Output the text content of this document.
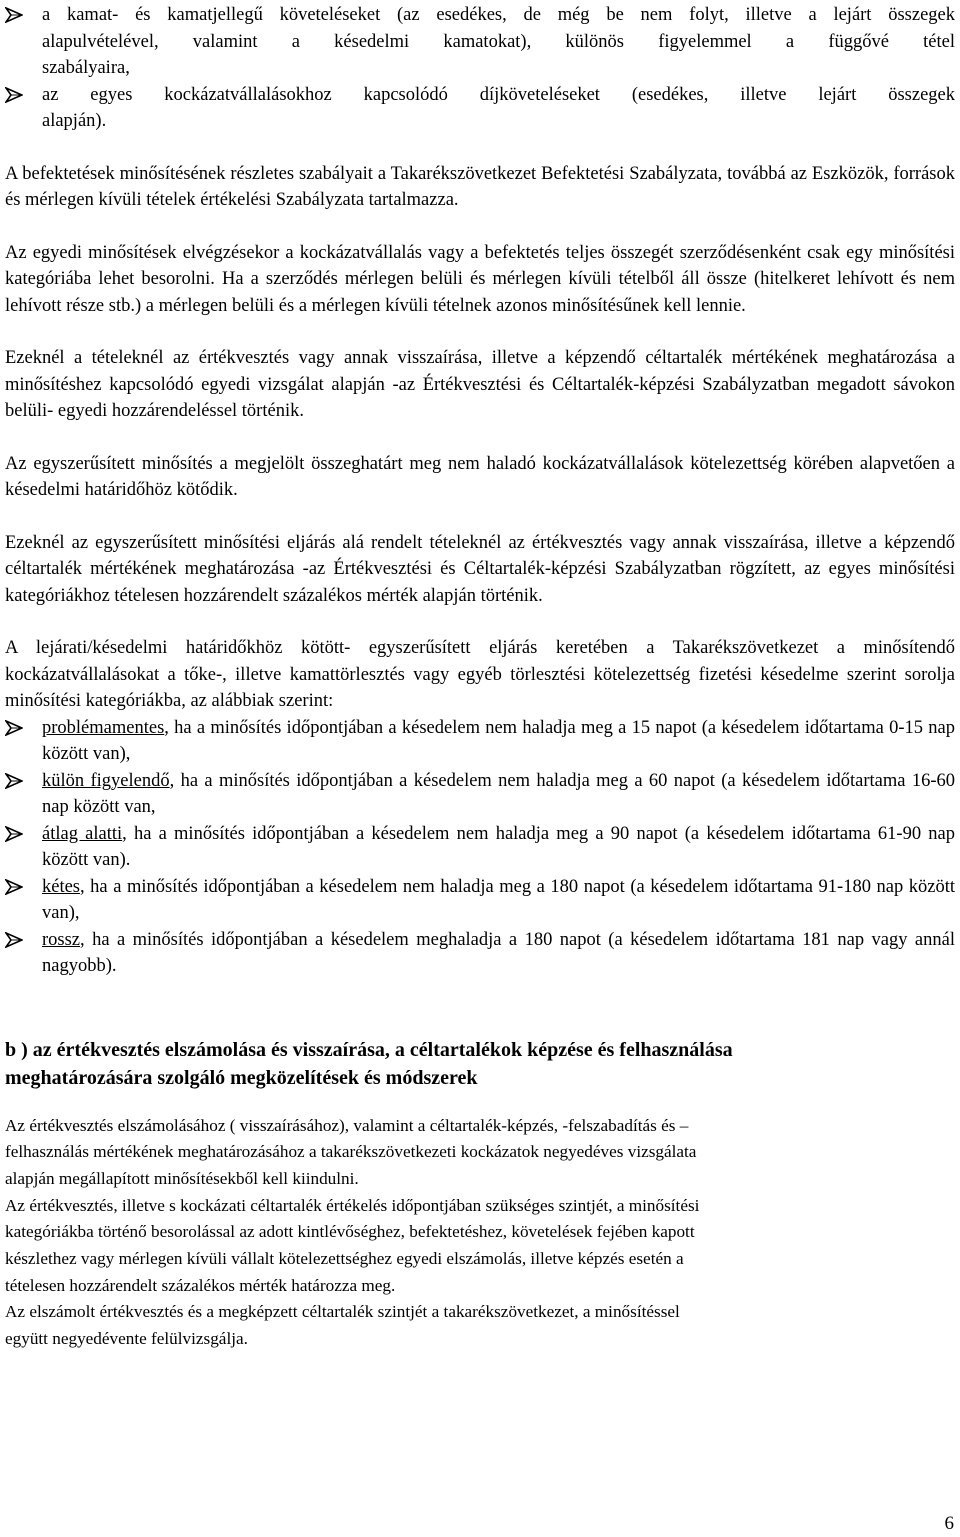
a kamat- és kamatjellegű követeléseket (az esedékes, de még be nem folyt, illetve a lejárt összegek
alapulvételével, valamint a késedelmi kamatokat), különös figyelemmel a függővé tétel
szabályaira,
az egyes kockázatvállalásokhoz kapcsolódó díjköveteléseket (esedékes, illetve lejárt összegek
alapján).

A befektetések minősítésének részletes szabályait a Takarékszövetkezet Befektetési Szabályzata, továbbá az Eszközök, források és mérlegen kívüli tételek értékelési Szabályzata tartalmazza.

Az egyedi minősítések elvégzésekor a kockázatvállalás vagy a befektetés teljes összegét szerződésenként csak egy minősítési kategóriába lehet besorolni. Ha a szerződés mérlegen belüli és mérlegen kívüli tételből áll össze (hitelkeret lehívott és nem lehívott része stb.) a mérlegen belüli és a mérlegen kívüli tételnek azonos minősítésűnek kell lennie.

Ezeknél a tételeknél az értékvesztés vagy annak visszaírása, illetve a képzendő céltartalék mértékének meghatározása a minősítéshez kapcsolódó egyedi vizsgálat alapján -az Értékvesztési és Céltartalék-képzési Szabályzatban megadott sávokon belüli- egyedi hozzárendeléssel történik.

Az egyszerűsített minősítés a megjelölt összeghatárt meg nem haladó kockázatvállalások kötelezettség körében alapvetően a késedelmi határidőhöz kötődik.

Ezeknél az egyszerűsített minősítési eljárás alá rendelt tételeknél az értékvesztés vagy annak visszaírása, illetve a képzendő céltartalék mértékének meghatározása -az Értékvesztési és Céltartalék-képzési Szabályzatban rögzített, az egyes minősítési kategóriákhoz tételesen hozzárendelt százalékos mérték alapján történik.

A lejárati/késedelmi határidőkhöz kötött- egyszerűsített eljárás keretében a Takarékszövetkezet a minősítendő kockázatvállalásokat a tőke-, illetve kamattörlesztés vagy egyéb törlesztési kötelezettség fizetési késedelme szerint sorolja minősítési kategóriákba, az alábbiak szerint:

problémamentes, ha a minősítés időpontjában a késedelem nem haladja meg a 15 napot (a késedelem időtartama 0-15 nap között van),
külön figyelendő, ha a minősítés időpontjában a késedelem nem haladja meg a 60 napot (a késedelem időtartama 16-60 nap között van,
átlag alatti, ha a minősítés időpontjában a késedelem nem haladja meg a 90 napot (a késedelem időtartama 61-90 nap között van).
kétes, ha a minősítés időpontjában a késedelem nem haladja meg a 180 napot (a késedelem időtartama 91-180 nap között van),
rossz, ha a minősítés időpontjában a késedelem meghaladja a 180 napot (a késedelem időtartama 181 nap vagy annál nagyobb).
b ) az értékvesztés elszámolása és visszaírása, a céltartalékok képzése és felhasználása
meghatározására szolgáló megközelítések és módszerek
Az értékvesztés elszámolásához ( visszaírásához), valamint a céltartalék-képzés, -felszabadítás és –
felhasználás mértékének meghatározásához a takarékszövetkezeti kockázatok negyedéves vizsgálata
alapján megállapított minősítésekből kell kiindulni.
Az értékvesztés, illetve s kockázati céltartalék értékelés időpontjában szükséges szintjét, a minősítési
kategóriákba történő besorolással az adott kintlévőséghez, befektetéshez, követelések fejében kapott
készlethez vagy mérlegen kívüli vállalt kötelezettséghez egyedi elszámolás, illetve képzés esetén a
tételesen hozzárendelt százalékos mérték határozza meg.
Az elszámolt értékvesztés és a megképzett céltartalék szintjét a takarékszövetkezet, a minősítéssel
együtt negyedévente felülvizsgálja.
6
